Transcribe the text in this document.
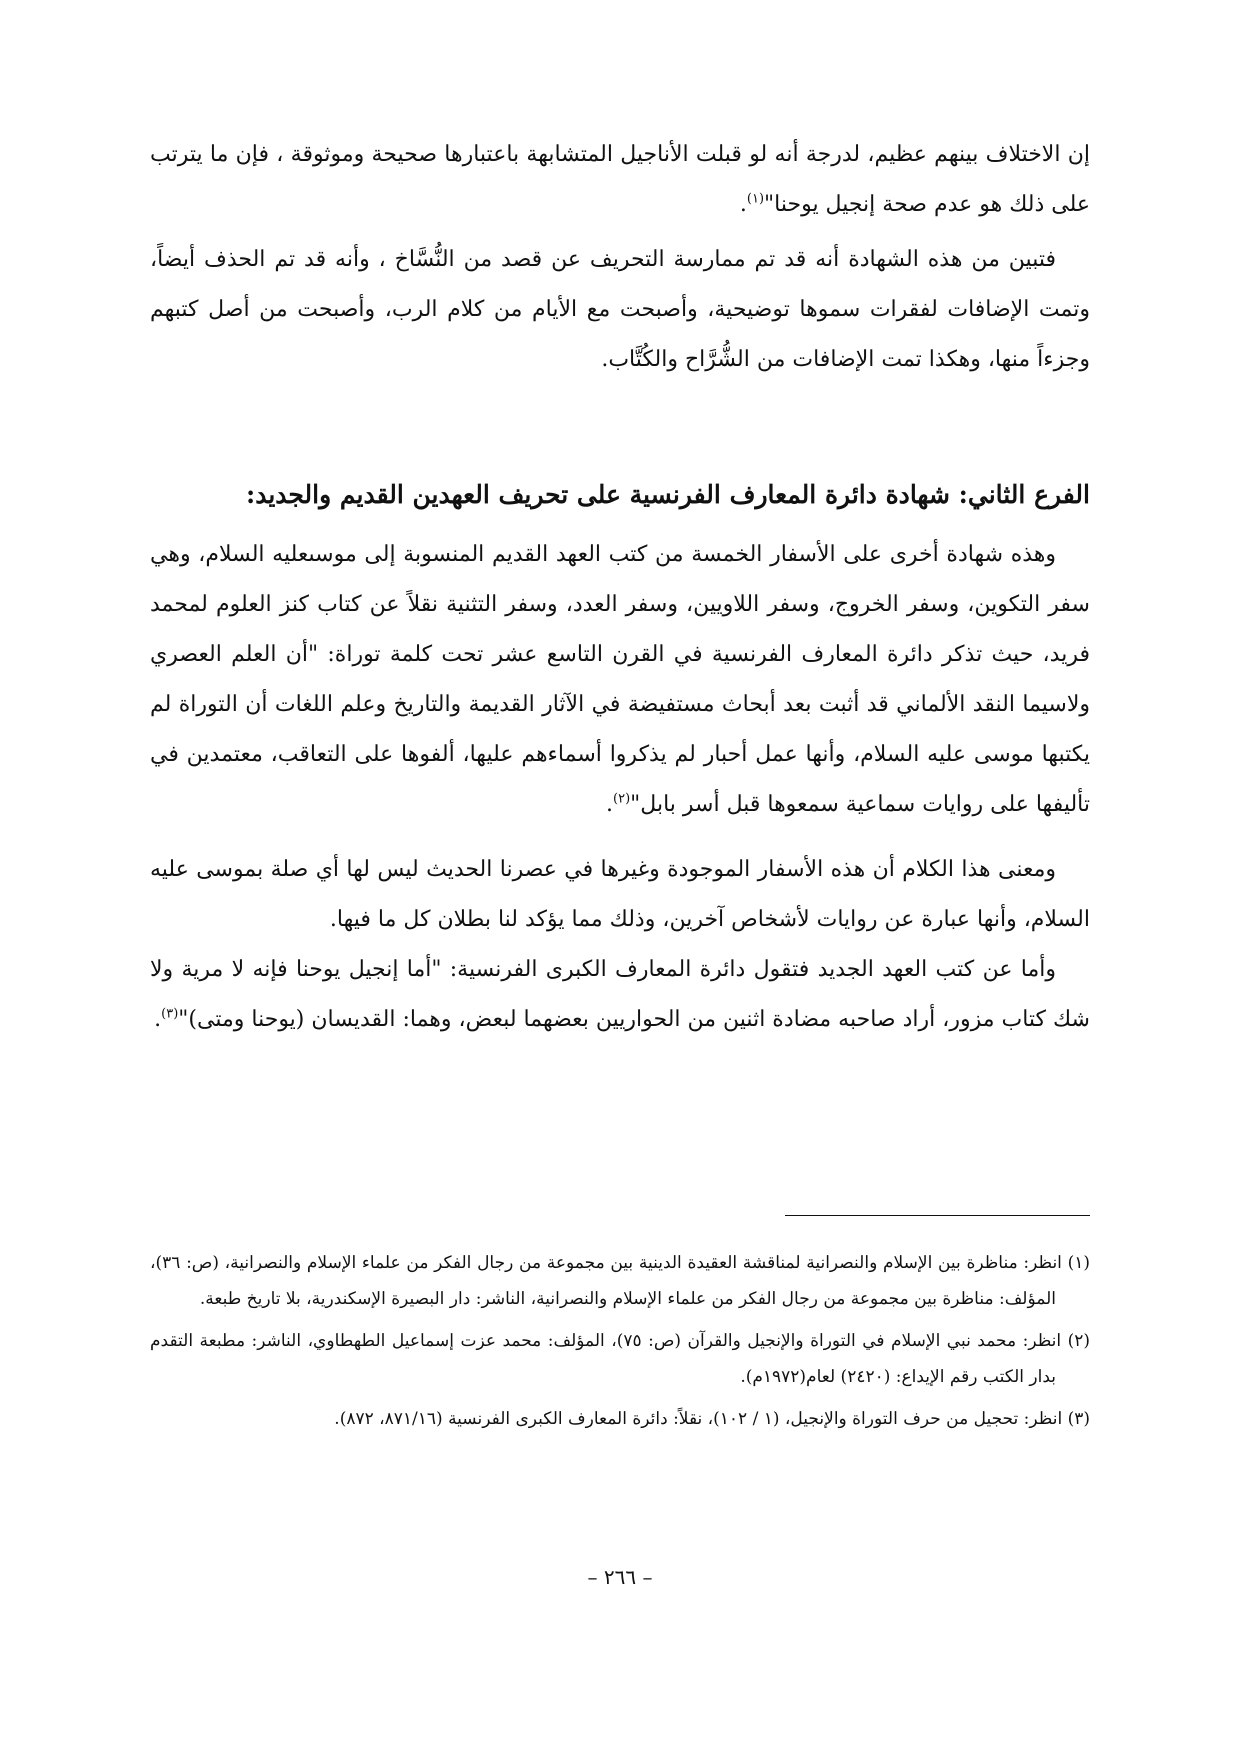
إن الاختلاف بينهم عظيم، لدرجة أنه لو قبلت الأناجيل المتشابهة باعتبارها صحيحة وموثوقة ، فإن ما يترتب على ذلك هو عدم صحة إنجيل يوحنا"$^{(١)}$.

فتبين من هذه الشهادة أنه قد تم ممارسة التحريف عن قصد من النُّسَّاخ ، وأنه قد تم الحذف أيضاً، وتمت الإضافات لفقرات سموها توضيحية، وأصبحت مع الأيام من كلام الرب، وأصبحت من أصل كتبهم وجزءاً منها، وهكذا تمت الإضافات من الشُّرَّاح والكُتَّاب.

الفرع الثاني: شهادة دائرة المعارف الفرنسية على تحريف العهدين القديم والجديد:

وهذه شهادة أخرى على الأسفار الخمسة من كتب العهد القديم المنسوبة إلى موسىعليه السلام، وهي سفر التكوين، وسفر الخروج، وسفر اللاويين، وسفر العدد، وسفر التثنية نقلاً عن كتاب كنز العلوم لمحمد فريد، حيث تذكر دائرة المعارف الفرنسية في القرن التاسع عشر تحت كلمة توراة: "أن العلم العصري ولاسيما النقد الألماني قد أثبت بعد أبحاث مستفيضة في الآثار القديمة والتاريخ وعلم اللغات أن التوراة لم يكتبها موسى عليه السلام، وأنها عمل أحبار لم يذكروا أسماءهم عليها، ألفوها على التعاقب، معتمدين في تأليفها على روايات سماعية سمعوها قبل أسر بابل"$^{(٢)}$.

ومعنى هذا الكلام أن هذه الأسفار الموجودة وغيرها في عصرنا الحديث ليس لها أي صلة بموسى عليه السلام، وأنها عبارة عن روايات لأشخاص آخرين، وذلك مما يؤكد لنا بطلان كل ما فيها.

وأما عن كتب العهد الجديد فتقول دائرة المعارف الكبرى الفرنسية: "أما إنجيل يوحنا فإنه لا مرية ولا شك كتاب مزور، أراد صاحبه مضادة اثنين من الحواريين بعضهما لبعض، وهما: القديسان (يوحنا ومتى)"$^{(٣)}$.

(١) انظر: مناظرة بين الإسلام والنصرانية لمناقشة العقيدة الدينية بين مجموعة من رجال الفكر من علماء الإسلام والنصرانية، (ص: ٣٦)، المؤلف: مناظرة بين مجموعة من رجال الفكر من علماء الإسلام والنصرانية، الناشر: دار البصيرة الإسكندرية، بلا تاريخ طبعة.

(٢) انظر: محمد نبي الإسلام في التوراة والإنجيل والقرآن (ص: ٧٥)، المؤلف: محمد عزت إسماعيل الطهطاوي، الناشر: مطبعة التقدم بدار الكتب رقم الإيداع: (٢٤٢٠) لعام(١٩٧٢م).

(٣) انظر: تحجيل من حرف التوراة والإنجيل، (١ / ١٠٢)، نقلاً: دائرة المعارف الكبرى الفرنسية (٨٧١/١٦، ٨٧٢).

– ٢٦٦ –
